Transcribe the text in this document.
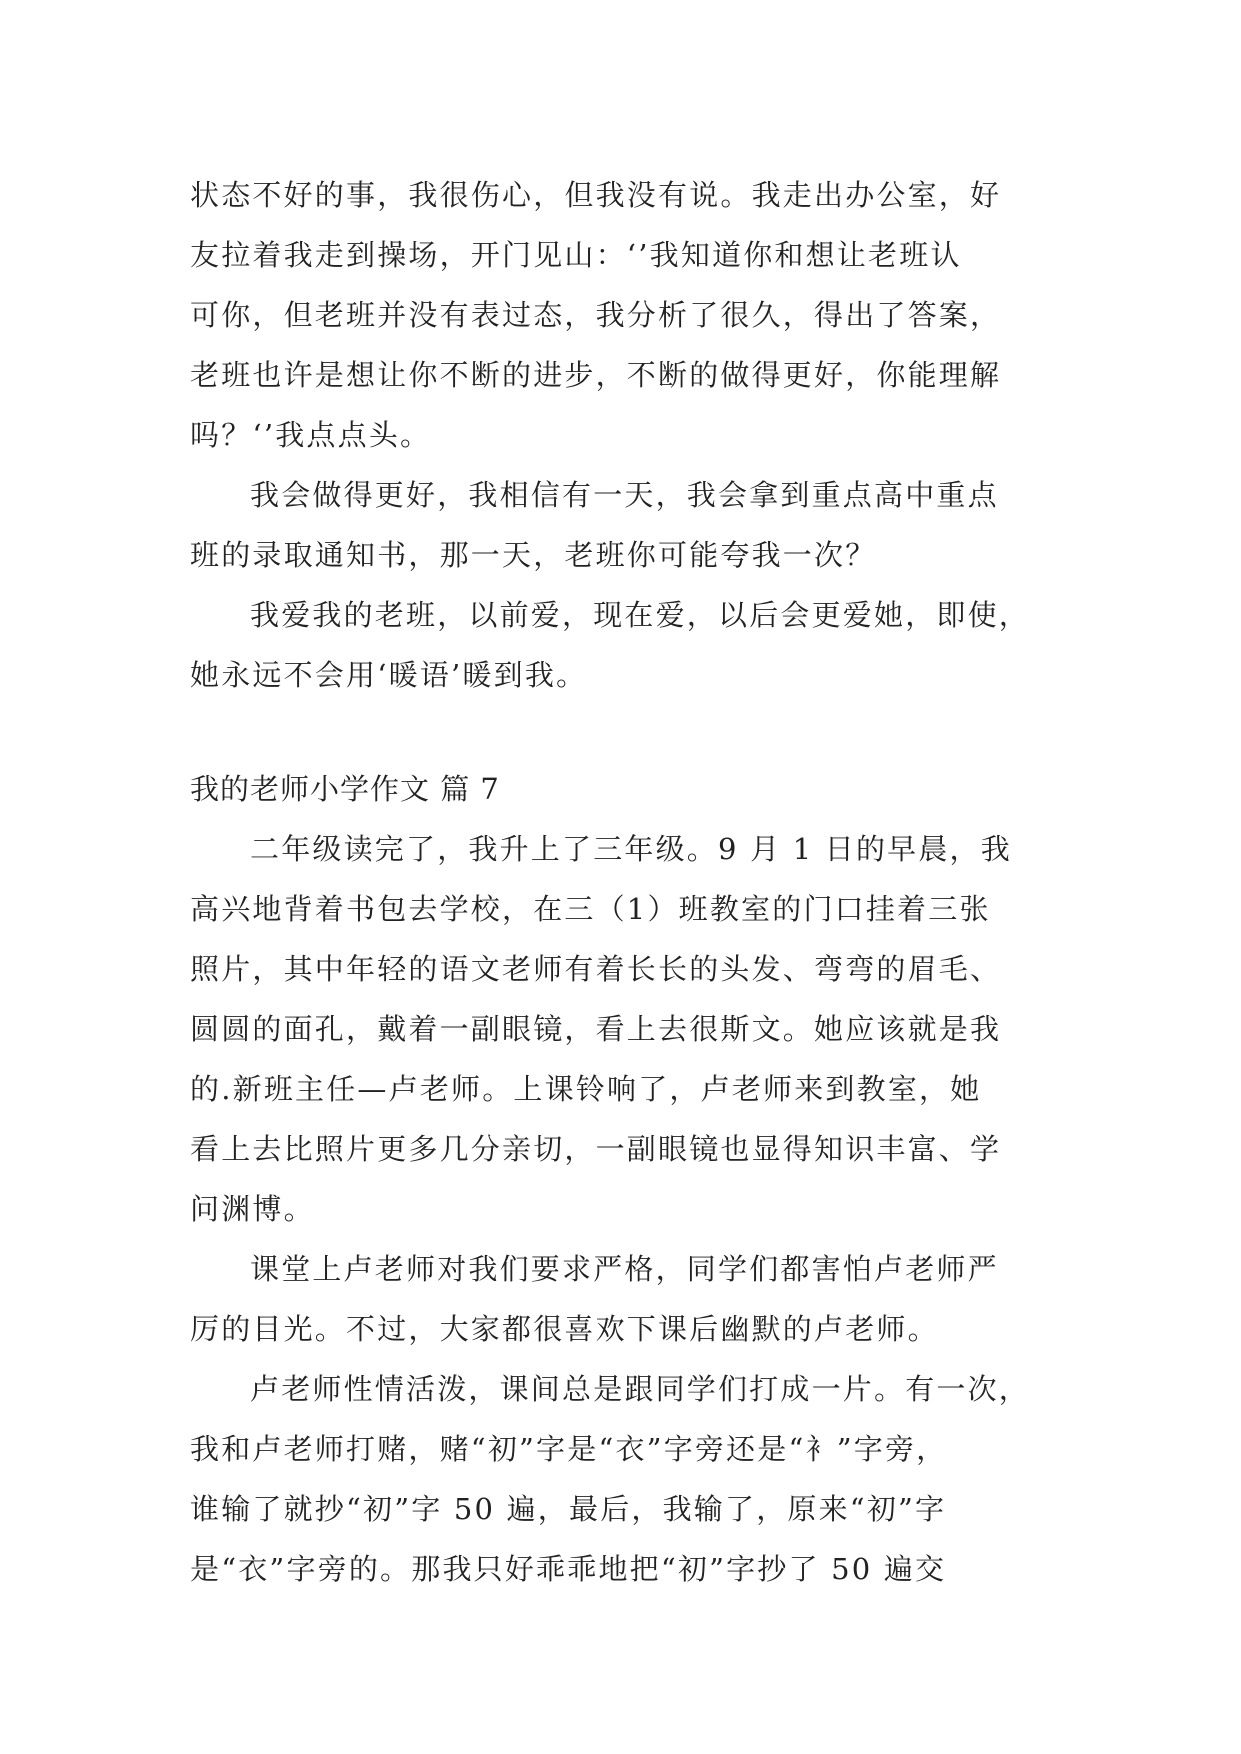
状态不好的事，我很伤心，但我没有说。我走出办公室，好
友拉着我走到操场，开门见山：‘’我知道你和想让老班认
可你，但老班并没有表过态，我分析了很久，得出了答案，
老班也许是想让你不断的进步，不断的做得更好，你能理解
吗？‘’我点点头。
我会做得更好，我相信有一天，我会拿到重点高中重点
班的录取通知书，那一天，老班你可能夸我一次？
我爱我的老班，以前爱，现在爱，以后会更爱她，即使，
她永远不会用‘暖语’暖到我。
我的老师小学作文 篇 7
二年级读完了，我升上了三年级。9 月 1 日的早晨，我
高兴地背着书包去学校，在三（1）班教室的门口挂着三张
照片，其中年轻的语文老师有着长长的头发、弯弯的眉毛、
圆圆的面孔，戴着一副眼镜，看上去很斯文。她应该就是我
的.新班主任—卢老师。上课铃响了，卢老师来到教室，她
看上去比照片更多几分亲切，一副眼镜也显得知识丰富、学
问渊博。
课堂上卢老师对我们要求严格，同学们都害怕卢老师严
厉的目光。不过，大家都很喜欢下课后幽默的卢老师。
卢老师性情活泼，课间总是跟同学们打成一片。有一次，
我和卢老师打赌，赌“初”字是“衣”字旁还是“衤”字旁，
谁输了就抄“初”字 50 遍，最后，我输了，原来“初”字
是“衣”字旁的。那我只好乖乖地把“初”字抄了 50 遍交
